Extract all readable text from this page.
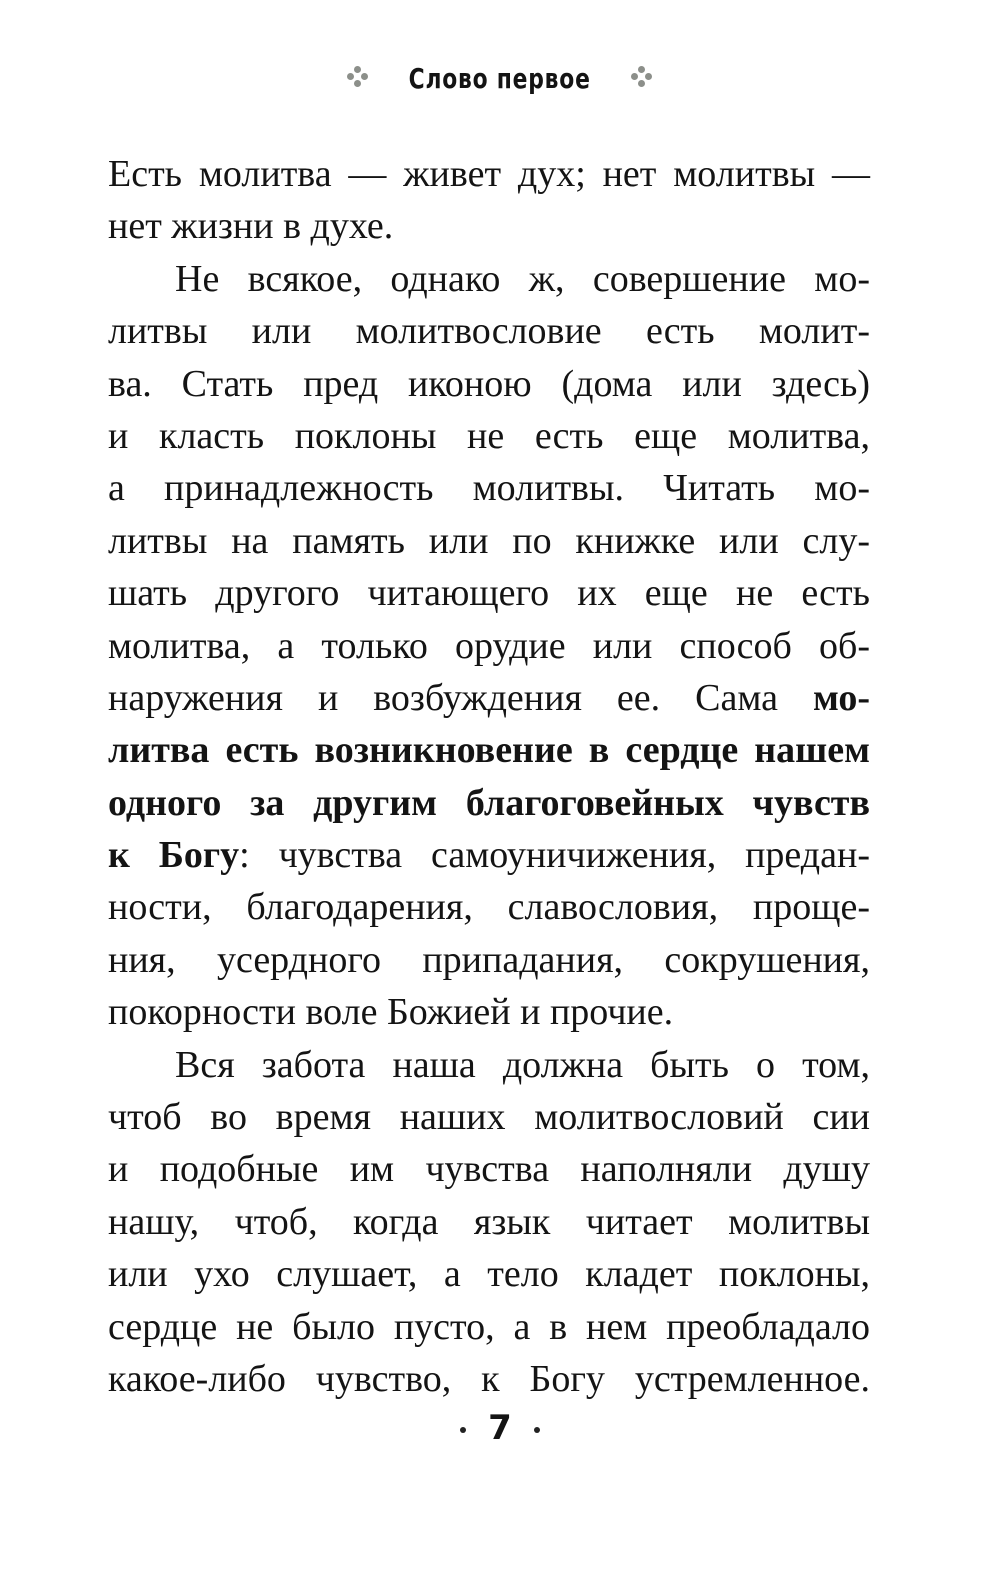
Слово первое
Есть молитва — живет дух; нет молитвы —
нет жизни в духе.
Не всякое, однако ж, совершение мо-
литвы или молитвословие есть молит-
ва. Стать пред иконою (дома или здесь)
и класть поклоны не есть еще молитва,
а принадлежность молитвы. Читать мо-
литвы на память или по книжке или слу-
шать другого читающего их еще не есть
молитва, а только орудие или способ об-
наружения и возбуждения ее. Сама мо-
литва есть возникновение в сердце нашем
одного за другим благоговейных чувств
к Богу: чувства самоуничижения, предан-
ности, благодарения, славословия, проще-
ния, усердного припадания, сокрушения,
покорности воле Божией и прочие.
Вся забота наша должна быть о том,
чтоб во время наших молитвословий сии
и подобные им чувства наполняли душу
нашу, чтоб, когда язык читает молитвы
или ухо слушает, а тело кладет поклоны,
сердце не было пусто, а в нем преобладало
какое-либо чувство, к Богу устремленное.
7
